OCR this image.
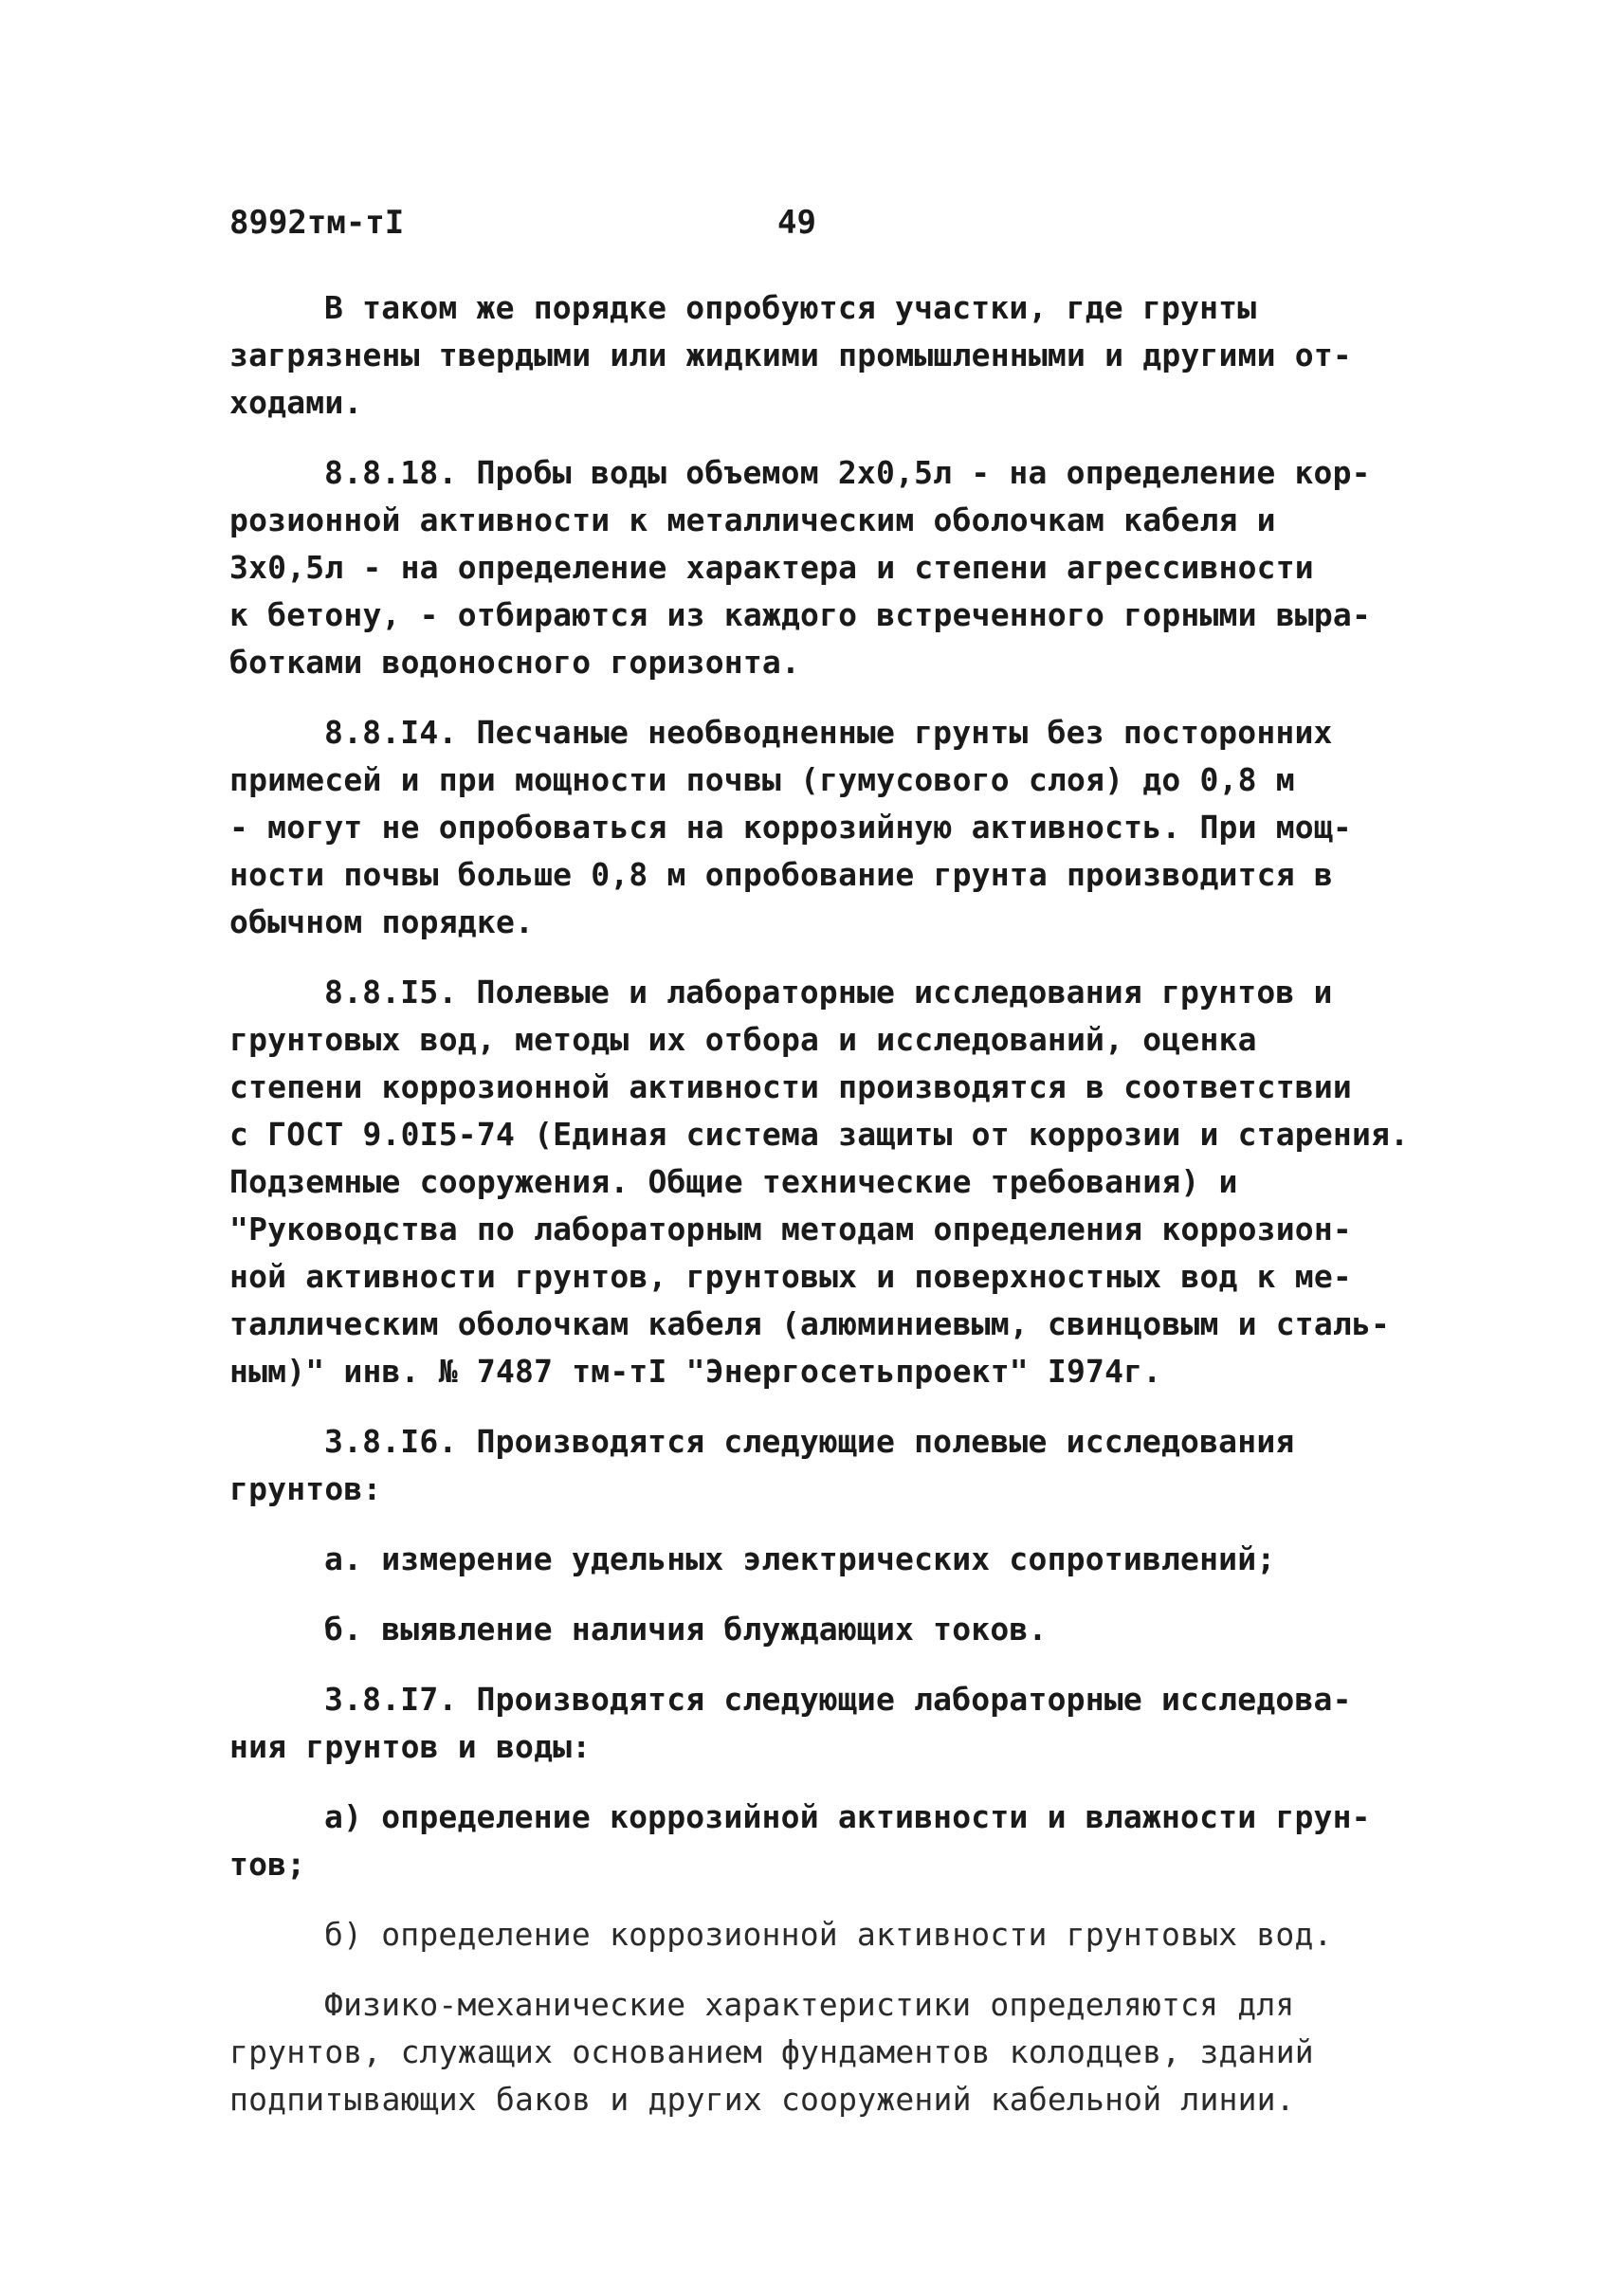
8992тм-тI	49

В таком же порядке опробуются участки, где грунты
загрязнены твердыми или жидкими промышленными и другими от-
ходами.

8.8.18. Пробы воды объемом 2х0,5л - на определение кор-
розионной активности к металлическим оболочкам кабеля и
3х0,5л - на определение характера и степени агрессивности
к бетону, - отбираются из каждого встреченного горными выра-
ботками водоносного горизонта.

8.8.I4. Песчаные необводненные грунты без посторонних
примесей и при мощности почвы (гумусового слоя) до 0,8 м
- могут не опробоваться на коррозийную активность. При мощ-
ности почвы больше 0,8 м опробование грунта производится в
обычном порядке.

8.8.I5. Полевые и лабораторные исследования грунтов и
грунтовых вод, методы их отбора и исследований, оценка
степени коррозионной активности производятся в соответствии
с ГОСТ 9.0I5-74 (Единая система защиты от коррозии и старения.
Подземные сооружения. Общие технические требования) и
"Руководства по лабораторным методам определения коррозион-
ной активности грунтов, грунтовых и поверхностных вод к ме-
таллическим оболочкам кабеля (алюминиевым, свинцовым и сталь-
ным)" инв. № 7487 тм-тI "Энергосетьпроект" I974г.

3.8.I6. Производятся следующие полевые исследования
грунтов:

а. измерение удельных электрических сопротивлений;

б. выявление наличия блуждающих токов.

3.8.I7. Производятся следующие лабораторные исследова-
ния грунтов и воды:

а) определение коррозийной активности и влажности грун-
тов;

б) определение коррозионной активности грунтовых вод.

Физико-механические характеристики определяются для
грунтов, служащих основанием фундаментов колодцев, зданий
подпитывающих баков и других сооружений кабельной линии.
